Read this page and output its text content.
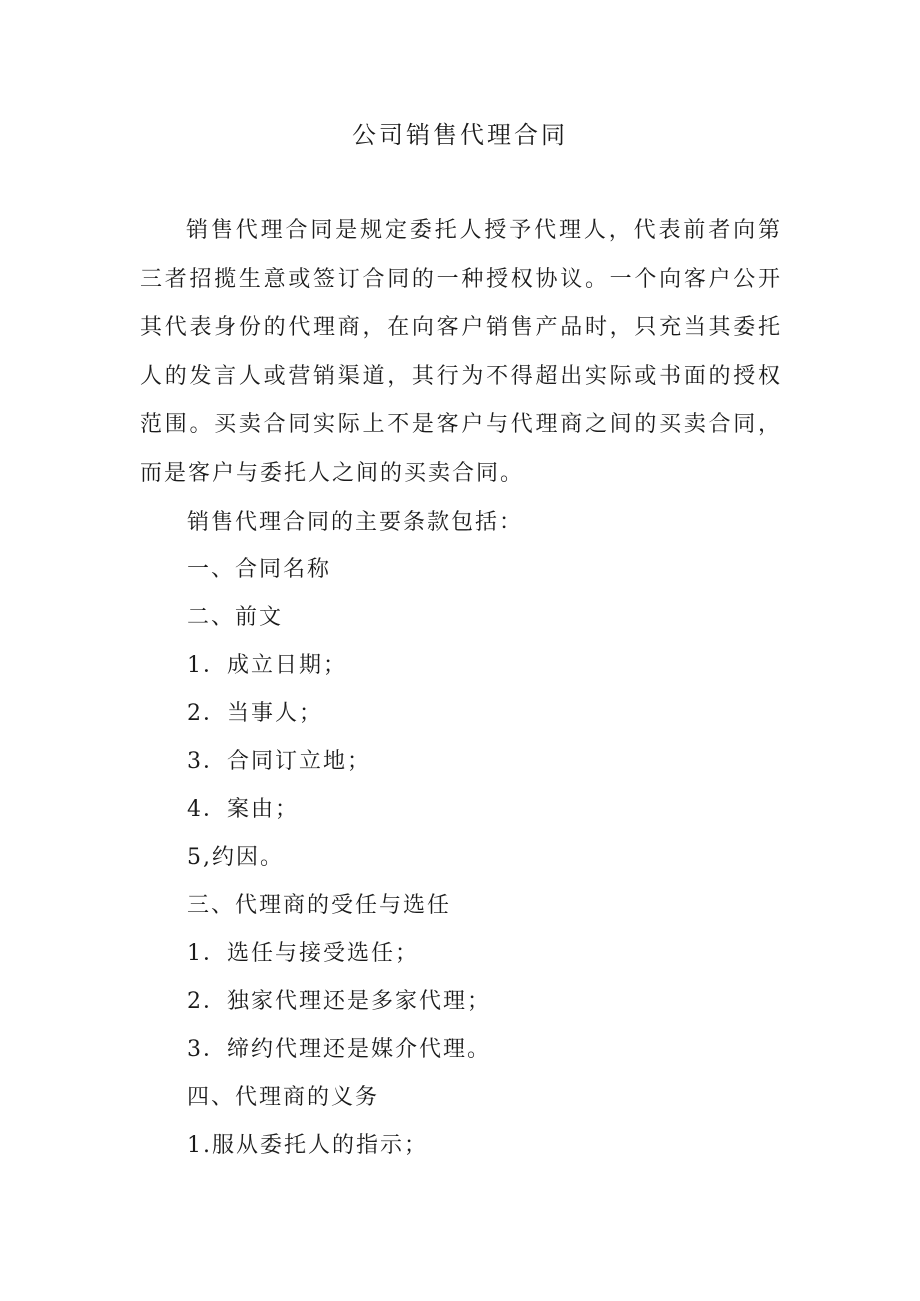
公司销售代理合同

销售代理合同是规定委托人授予代理人，代表前者向第三者招揽生意或签订合同的一种授权协议。一个向客户公开其代表身份的代理商，在向客户销售产品时，只充当其委托人的发言人或营销渠道，其行为不得超出实际或书面的授权范围。买卖合同实际上不是客户与代理商之间的买卖合同，而是客户与委托人之间的买卖合同。

销售代理合同的主要条款包括：

一、合同名称

二、前文

1．成立日期；

2．当事人；

3．合同订立地；

4．案由；

5,约因。

三、代理商的受任与选任

1．选任与接受选任；

2．独家代理还是多家代理；

3．缔约代理还是媒介代理。

四、代理商的义务

1.服从委托人的指示；
